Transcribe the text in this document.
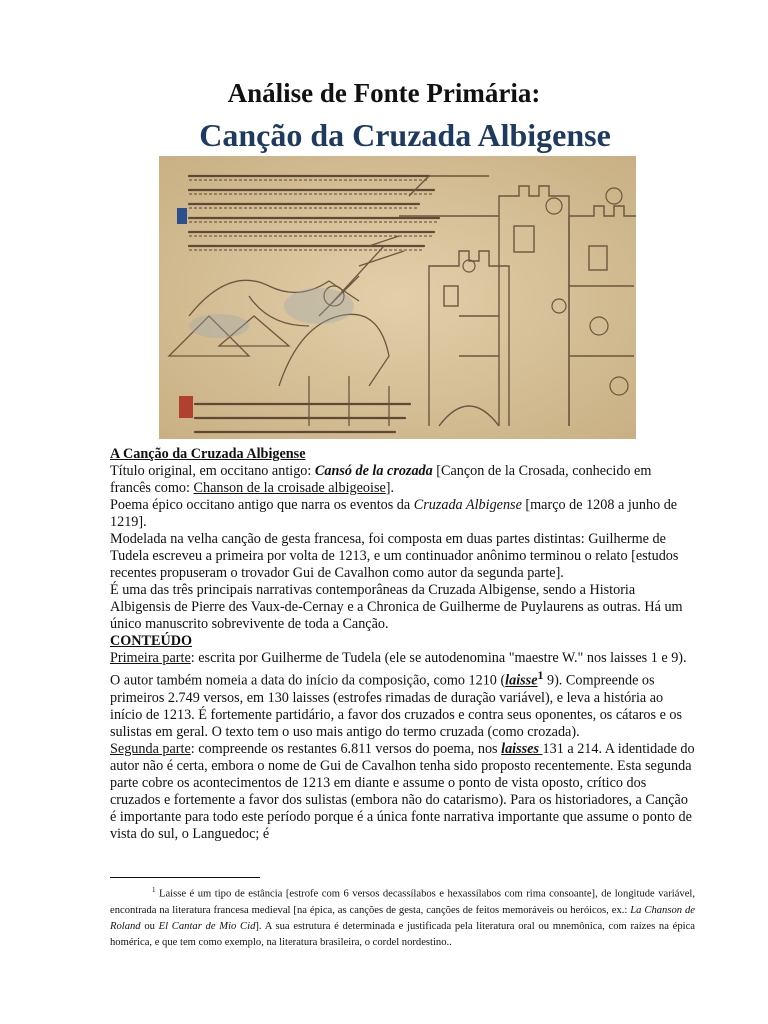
Análise de Fonte Primária:
Canção da Cruzada Albigense

A Canção da Cruzada Albigense

Título original, em occitano antigo: Cansó de la crozada [Cançon de la Crosada, conhecido em francês como: Chanson de la croisade albigeoise].

Poema épico occitano antigo que narra os eventos da Cruzada Albigense [março de 1208 a junho de 1219].

Modelada na velha canção de gesta francesa, foi composta em duas partes distintas: Guilherme de Tudela escreveu a primeira por volta de 1213, e um continuador anônimo terminou o relato [estudos recentes propuseram o trovador Gui de Cavalhon como autor da segunda parte].

É uma das três principais narrativas contemporâneas da Cruzada Albigense, sendo a Historia Albigensis de Pierre des Vaux-de-Cernay e a Chronica de Guilherme de Puylaurens as outras. Há um único manuscrito sobrevivente de toda a Canção.

CONTEÚDO

Primeira parte: escrita por Guilherme de Tudela (ele se autodenomina "maestre W." nos laisses 1 e 9). O autor também nomeia a data do início da composição, como 1210 (laisse$^1$ 9). Compreende os primeiros 2.749 versos, em 130 laisses (estrofes rimadas de duração variável), e leva a história ao início de 1213. É fortemente partidário, a favor dos cruzados e contra seus oponentes, os cátaros e os sulistas em geral. O texto tem o uso mais antigo do termo cruzada (como crozada).

Segunda parte: compreende os restantes 6.811 versos do poema, nos laisses 131 a 214. A identidade do autor não é certa, embora o nome de Gui de Cavalhon tenha sido proposto recentemente. Esta segunda parte cobre os acontecimentos de 1213 em diante e assume o ponto de vista oposto, crítico dos cruzados e fortemente a favor dos sulistas (embora não do catarismo). Para os historiadores, a Canção é importante para todo este período porque é a única fonte narrativa importante que assume o ponto de vista do sul, o Languedoc; é

$^1$ Laisse é um tipo de estância [estrofe com 6 versos decassílabos e hexassílabos com rima consoante], de longitude variável, encontrada na literatura francesa medieval [na épica, as canções de gesta, canções de feitos memoráveis ou heróicos, ex.: La Chanson de Roland ou El Cantar de Mio Cid]. A sua estrutura é determinada e justificada pela literatura oral ou mnemônica, com raízes na épica homérica, e que tem como exemplo, na literatura brasileira, o cordel nordestino..
